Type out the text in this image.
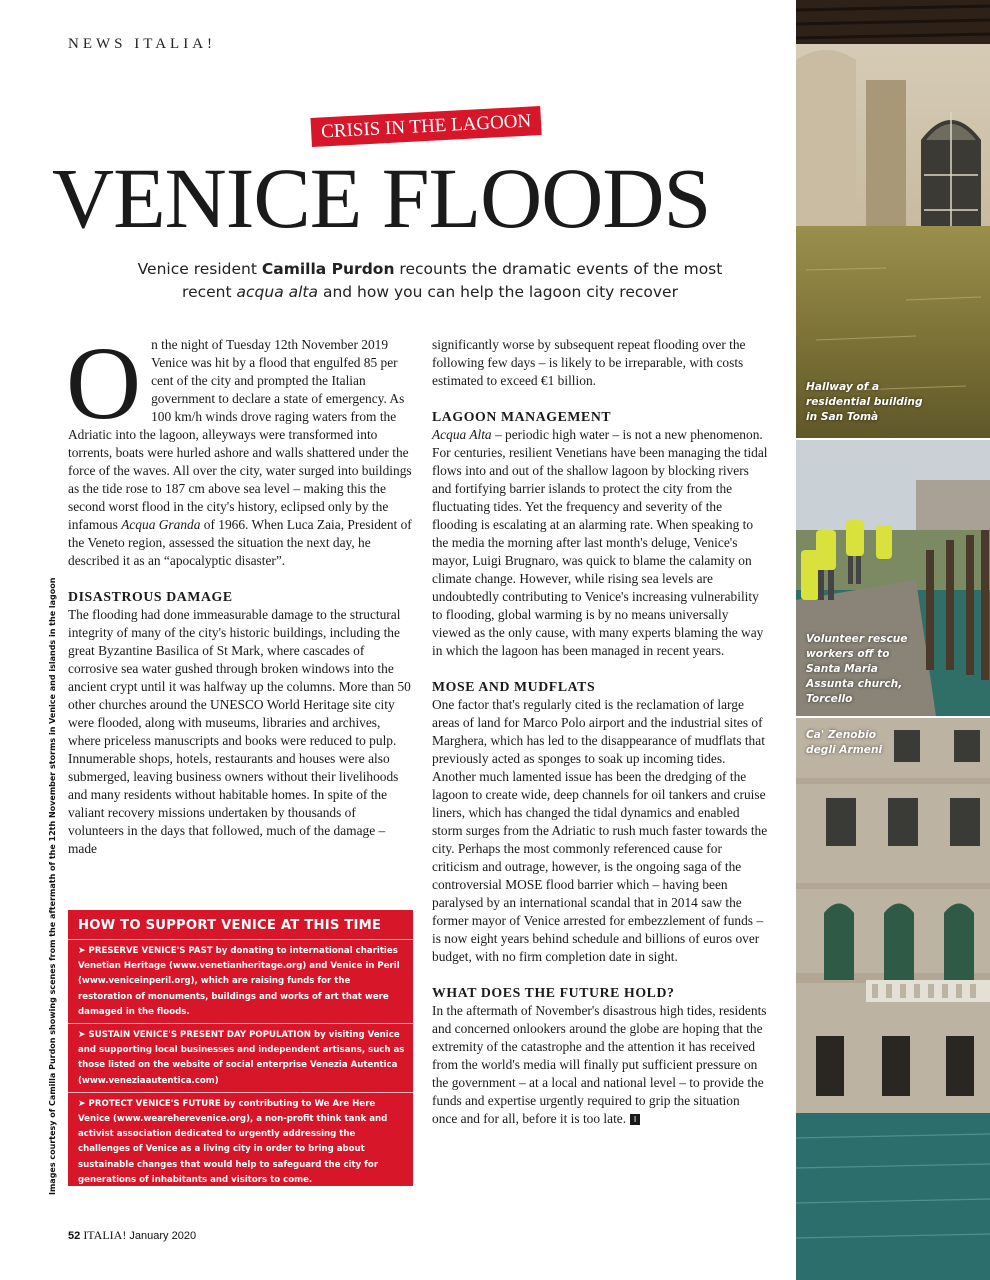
NEWS ITALIA!
CRISIS IN THE LAGOON
VENICE FLOODS
Venice resident Camilla Purdon recounts the dramatic events of the most recent acqua alta and how you can help the lagoon city recover
Images courtesy of Camilla Purdon showing scenes from the aftermath of the 12th November storms in Venice and islands in the lagoon

On the night of Tuesday 12th November 2019 Venice was hit by a flood that engulfed 85 per cent of the city and prompted the Italian government to declare a state of emergency. As 100 km/h winds drove raging waters from the Adriatic into the lagoon, alleyways were transformed into torrents, boats were hurled ashore and walls shattered under the force of the waves. All over the city, water surged into buildings as the tide rose to 187 cm above sea level – making this the second worst flood in the city's history, eclipsed only by the infamous Acqua Granda of 1966. When Luca Zaia, President of the Veneto region, assessed the situation the next day, he described it as an “apocalyptic disaster”.

DISASTROUS DAMAGE

The flooding had done immeasurable damage to the structural integrity of many of the city's historic buildings, including the great Byzantine Basilica of St Mark, where cascades of corrosive sea water gushed through broken windows into the ancient crypt until it was halfway up the columns. More than 50 other churches around the UNESCO World Heritage site city were flooded, along with museums, libraries and archives, where priceless manuscripts and books were reduced to pulp. Innumerable shops, hotels, restaurants and houses were also submerged, leaving business owners without their livelihoods and many residents without habitable homes. In spite of the valiant recovery missions undertaken by thousands of volunteers in the days that followed, much of the damage – made

significantly worse by subsequent repeat flooding over the following few days – is likely to be irreparable, with costs estimated to exceed €1 billion.

LAGOON MANAGEMENT

Acqua Alta – periodic high water – is not a new phenomenon. For centuries, resilient Venetians have been managing the tidal flows into and out of the shallow lagoon by blocking rivers and fortifying barrier islands to protect the city from the fluctuating tides. Yet the frequency and severity of the flooding is escalating at an alarming rate. When speaking to the media the morning after last month's deluge, Venice's mayor, Luigi Brugnaro, was quick to blame the calamity on climate change. However, while rising sea levels are undoubtedly contributing to Venice's increasing vulnerability to flooding, global warming is by no means universally viewed as the only cause, with many experts blaming the way in which the lagoon has been managed in recent years.

MOSE AND MUDFLATS

One factor that's regularly cited is the reclamation of large areas of land for Marco Polo airport and the industrial sites of Marghera, which has led to the disappearance of mudflats that previously acted as sponges to soak up incoming tides. Another much lamented issue has been the dredging of the lagoon to create wide, deep channels for oil tankers and cruise liners, which has changed the tidal dynamics and enabled storm surges from the Adriatic to rush much faster towards the city. Perhaps the most commonly referenced cause for criticism and outrage, however, is the ongoing saga of the controversial MOSE flood barrier which – having been paralysed by an international scandal that in 2014 saw the former mayor of Venice arrested for embezzlement of funds – is now eight years behind schedule and billions of euros over budget, with no firm completion date in sight.

WHAT DOES THE FUTURE HOLD?

In the aftermath of November's disastrous high tides, residents and concerned onlookers around the globe are hoping that the extremity of the catastrophe and the attention it has received from the world's media will finally put sufficient pressure on the government – at a local and national level – to provide the funds and expertise urgently required to grip the situation once and for all, before it is too late. I

HOW TO SUPPORT VENICE AT THIS TIME
➤ PRESERVE VENICE'S PAST by donating to international charities Venetian Heritage (www.venetianheritage.org) and Venice in Peril (www.veniceinperil.org), which are raising funds for the restoration of monuments, buildings and works of art that were damaged in the floods.
➤ SUSTAIN VENICE'S PRESENT DAY POPULATION by visiting Venice and supporting local businesses and independent artisans, such as those listed on the website of social enterprise Venezia Autentica (www.veneziaautentica.com)
➤ PROTECT VENICE'S FUTURE by contributing to We Are Here Venice (www.weareherevenice.org), a non-profit think tank and activist association dedicated to urgently addressing the challenges of Venice as a living city in order to bring about sustainable changes that would help to safeguard the city for generations of inhabitants and visitors to come.
52 ITALIA! January 2020
Hallway of a
residential building
in San Tomà
Volunteer rescue
workers off to
Santa Maria
Assunta church,
Torcello
Ca' Zenobio
degli Armeni
